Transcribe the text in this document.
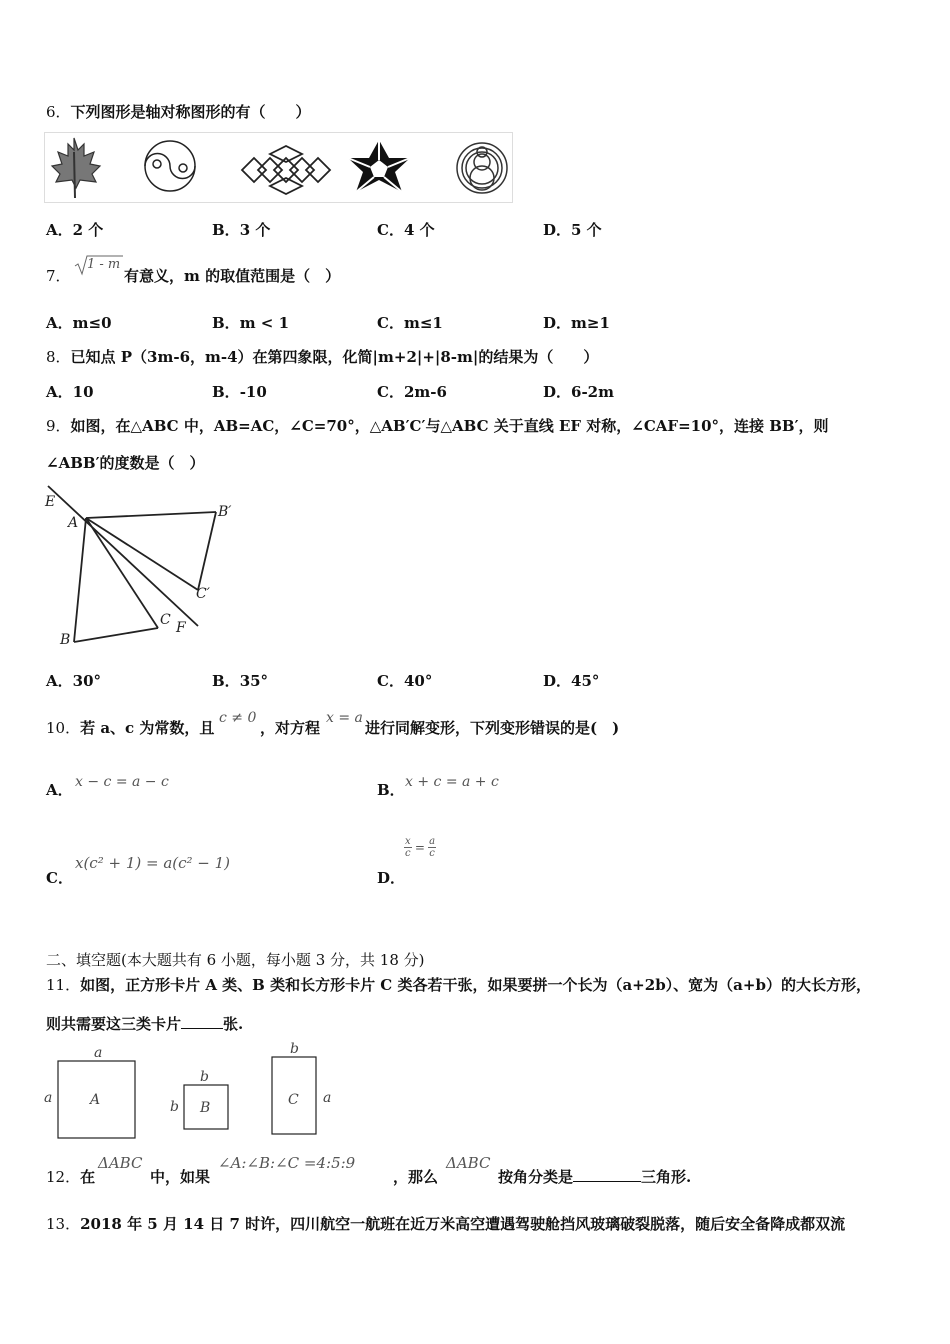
6．下列图形是轴对称图形的有（　　）
A．2 个	B．3 个	C．4 个	D．5 个
7．
1 - m
有意义，m 的取值范围是（　）
A．m≤0	B．m < 1	C．m≤1	D．m≥1
8．已知点 P（3m-6，m-4）在第四象限，化简|m+2|+|8-m|的结果为（　　）
A．10	B．-10	C．2m-6	D．6-2m
9．如图，在△ABC 中，AB=AC，∠C=70°，△AB′C′与△ABC 关于直线 EF 对称，∠CAF=10°，连接 BB′，则
∠ABB′的度数是（　）
E
A
B′
C′
C F
B
A．30°	B．35°	C．40°	D．45°
10．若 a、c 为常数，且
c ≠ 0
，对方程
x = a
进行同解变形，下列变形错误的是(　)
A． x − c = a − c	B． x + c = a + c
C．
x(c² + 1) = a(c² − 1)
D．
$\frac{x}{c} = \frac{a}{c}$
二、填空题(本大题共有 6 小题，每小题 3 分，共 18 分)
11．如图，正方形卡片 A 类、B 类和长方形卡片 C 类各若干张，如果要拼一个长为（a+2b）、宽为（a+b）的大长方形，
则共需要这三类卡片	张.
a
a	A
b
b B
b
a
C
12．在
ΔABC
中，如果
∠A:∠B:∠C =4:5:9
，那么
ΔABC
按角分类是	三角形.
13．2018 年 5 月 14 日 7 时许，四川航空一航班在近万米高空遭遇驾驶舱挡风玻璃破裂脱落，随后安全备降成都双流
